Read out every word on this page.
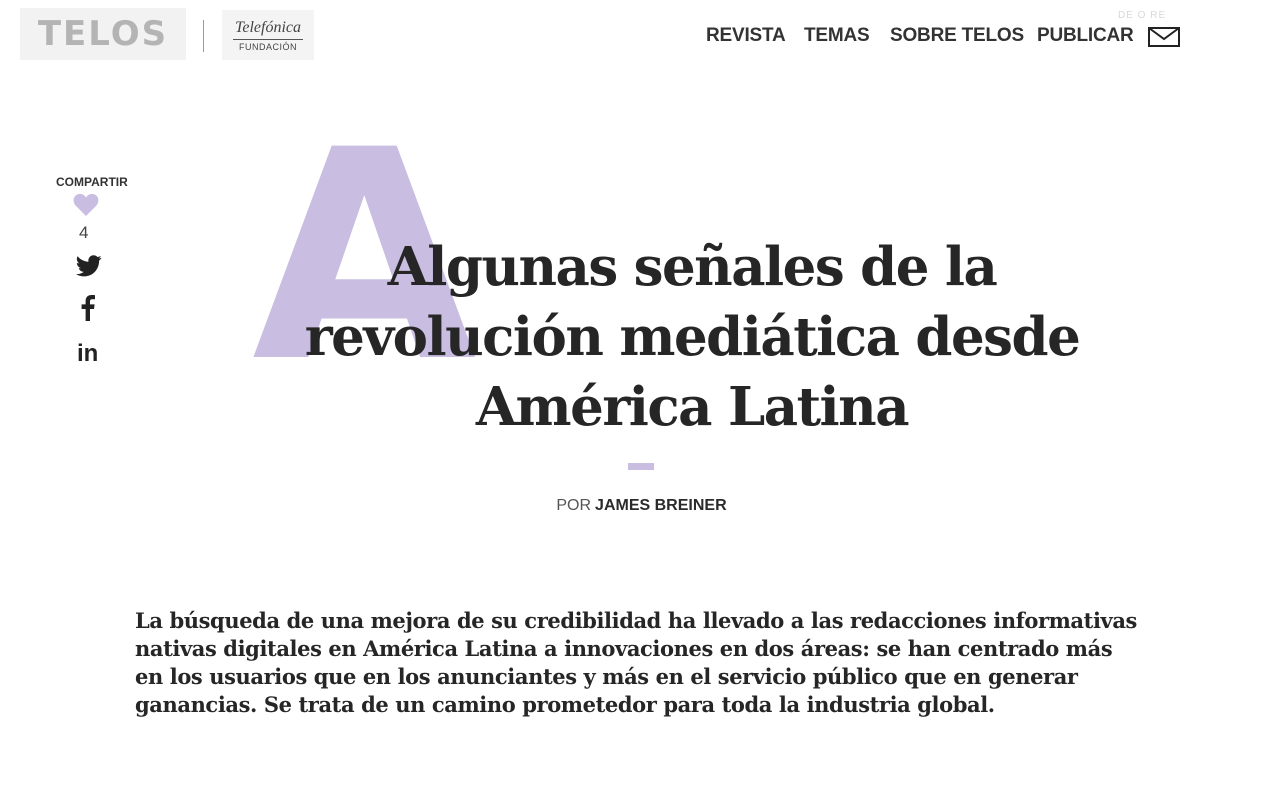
TELOS	Telefónica
FUNDACIÓN
REVISTA TEMAS SOBRE TELOS PUBLICAR
DE O RE
COMPARTIR
4
in A
Algunas señales de la revolución mediática desde América Latina
POR JAMES BREINER

La búsqueda de una mejora de su credibilidad ha llevado a las redacciones informativas nativas digitales en América Latina a innovaciones en dos áreas: se han centrado más en los usuarios que en los anunciantes y más en el servicio público que en generar ganancias. Se trata de un camino prometedor para toda la industria global.
